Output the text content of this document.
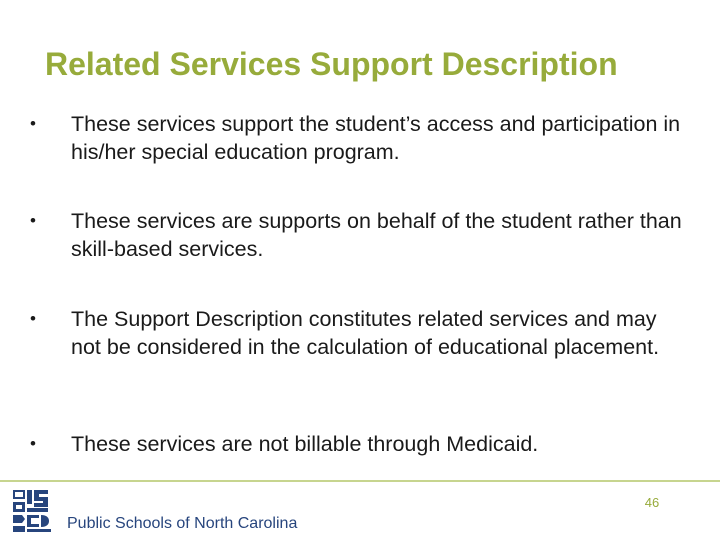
Related Services Support Description
•	These services support the student’s access and participation in his/her special education program.
•	These services are supports on behalf of the student rather than skill-based services.
•	The Support Description constitutes related services and may not be considered in the calculation of educational placement.
•	These services are not billable through Medicaid.
46
Public Schools of North Carolina
